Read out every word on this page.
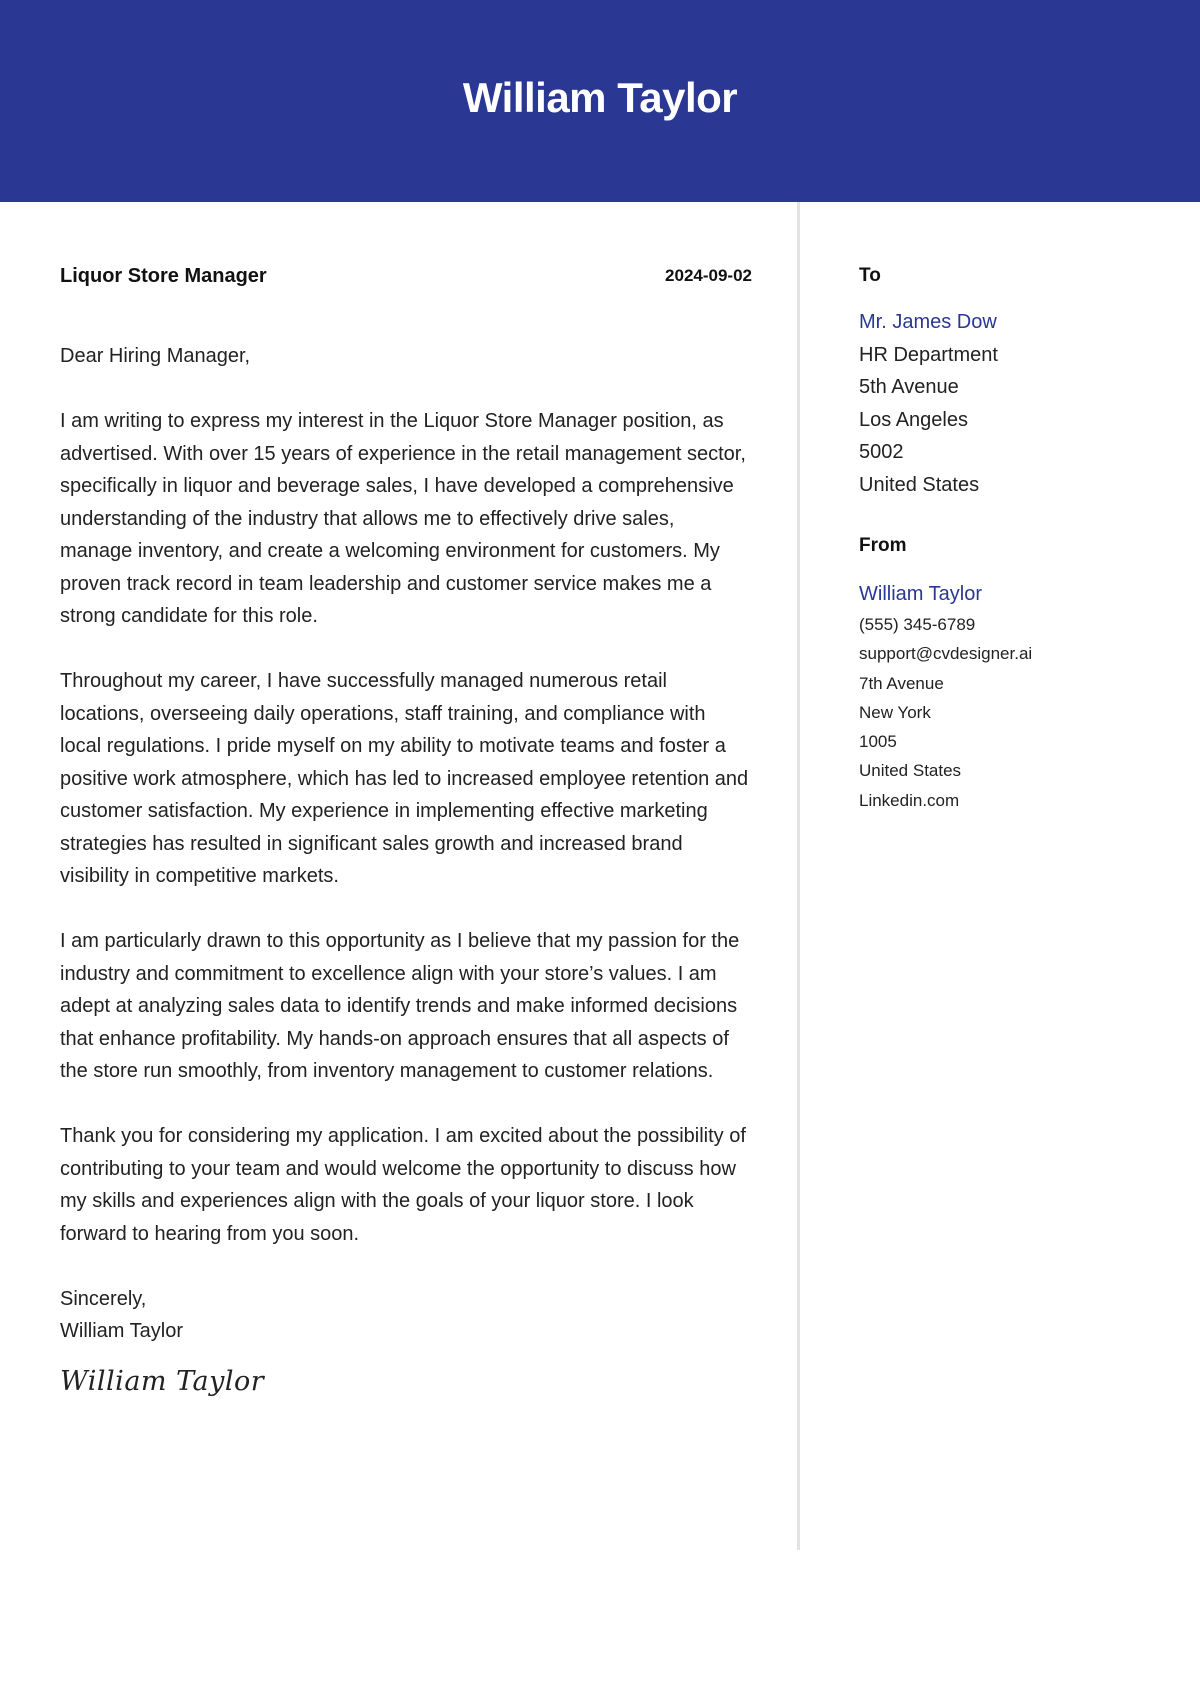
William Taylor
Liquor Store Manager	2024-09-02

Dear Hiring Manager,

I am writing to express my interest in the Liquor Store Manager position, as advertised. With over 15 years of experience in the retail management sector, specifically in liquor and beverage sales, I have developed a comprehensive understanding of the industry that allows me to effectively drive sales, manage inventory, and create a welcoming environment for customers. My proven track record in team leadership and customer service makes me a strong candidate for this role.

Throughout my career, I have successfully managed numerous retail locations, overseeing daily operations, staff training, and compliance with local regulations. I pride myself on my ability to motivate teams and foster a positive work atmosphere, which has led to increased employee retention and customer satisfaction. My experience in implementing effective marketing strategies has resulted in significant sales growth and increased brand visibility in competitive markets.

I am particularly drawn to this opportunity as I believe that my passion for the industry and commitment to excellence align with your store’s values. I am adept at analyzing sales data to identify trends and make informed decisions that enhance profitability. My hands-on approach ensures that all aspects of the store run smoothly, from inventory management to customer relations.

Thank you for considering my application. I am excited about the possibility of contributing to your team and would welcome the opportunity to discuss how my skills and experiences align with the goals of your liquor store. I look forward to hearing from you soon.

Sincerely,
William Taylor
William Taylor
To
Mr. James Dow
HR Department
5th Avenue
Los Angeles
5002
United States
From
William Taylor
(555) 345-6789
support@cvdesigner.ai
7th Avenue
New York
1005
United States
Linkedin.com
